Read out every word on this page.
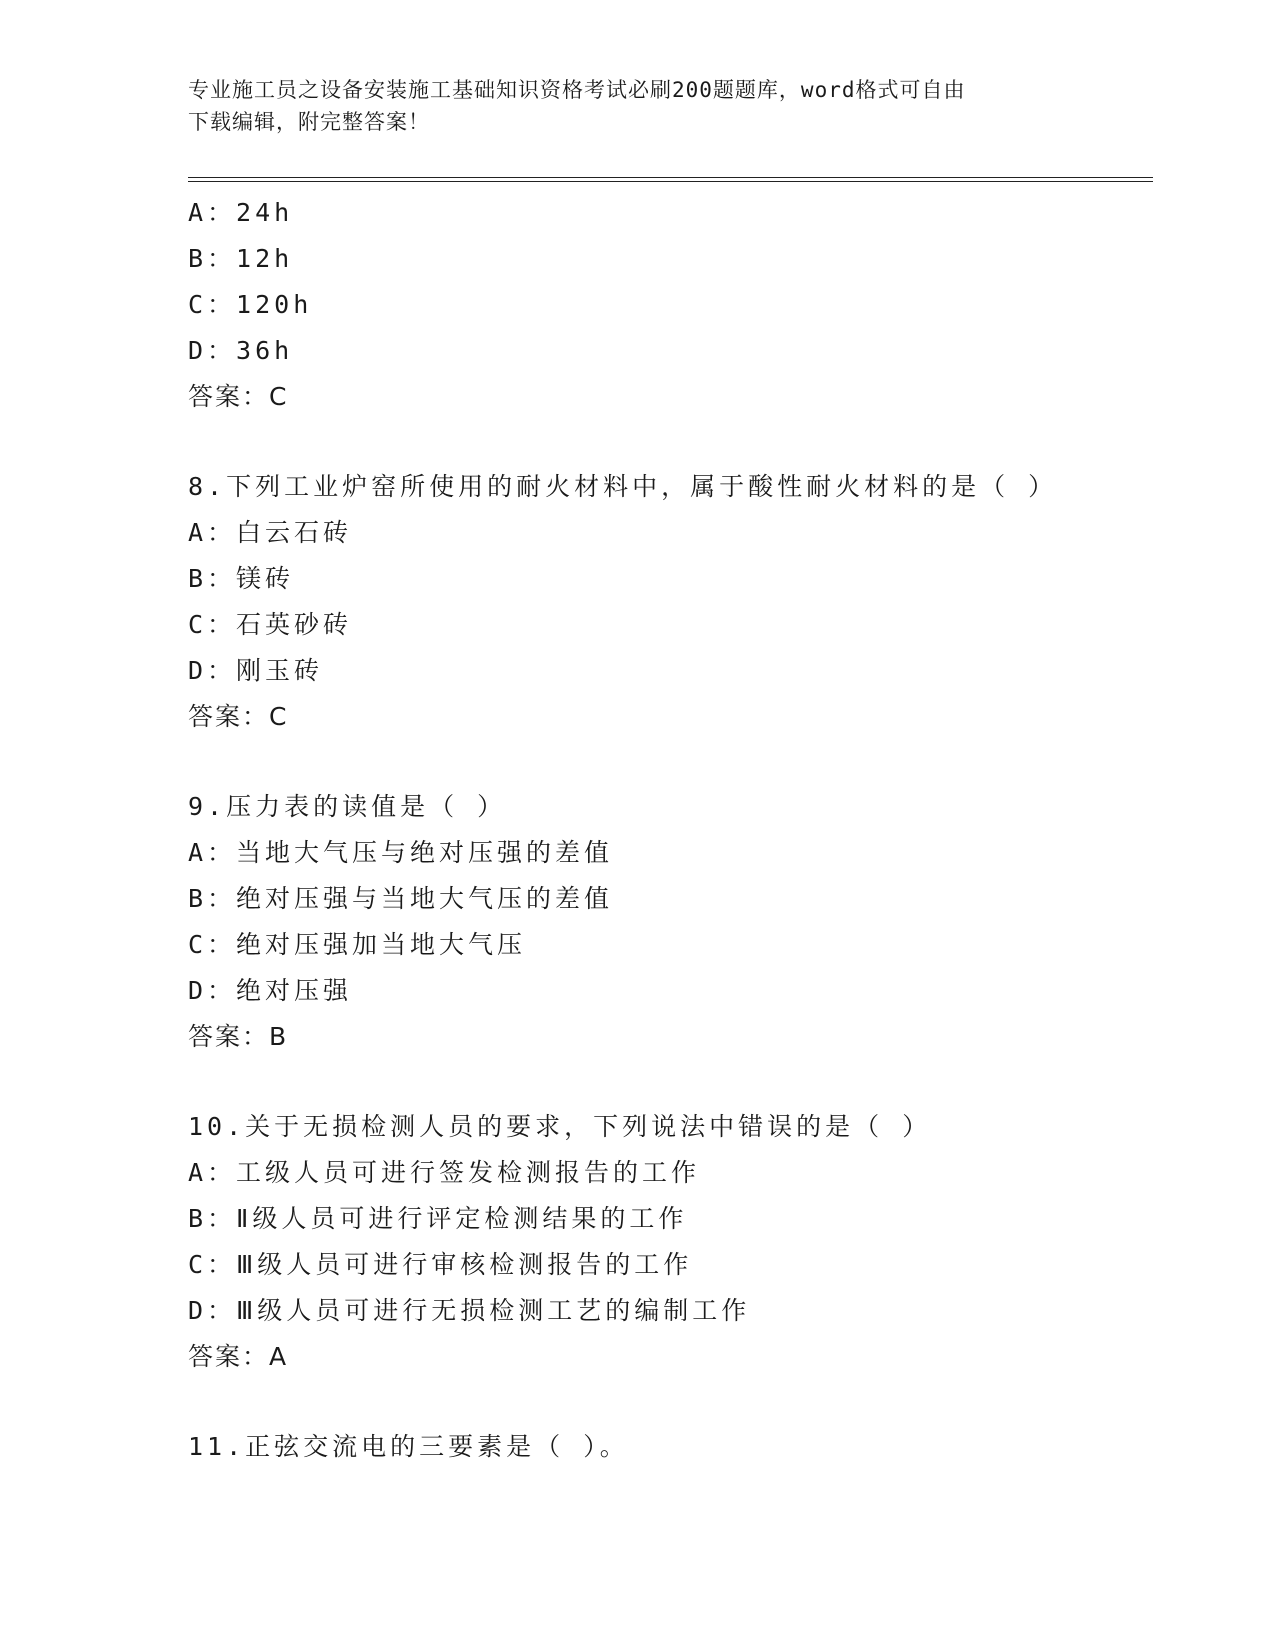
专业施工员之设备安装施工基础知识资格考试必刷200题题库，word格式可自由
下载编辑，附完整答案！
A：24h
B：12h
C：120h
D：36h
答案：C
8.下列工业炉窑所使用的耐火材料中，属于酸性耐火材料的是（ ）
A：白云石砖
B：镁砖
C：石英砂砖
D：刚玉砖
答案：C
9.压力表的读值是（ ）
A：当地大气压与绝对压强的差值
B：绝对压强与当地大气压的差值
C：绝对压强加当地大气压
D：绝对压强
答案：B
10.关于无损检测人员的要求，下列说法中错误的是（ ）
A：工级人员可进行签发检测报告的工作
B：Ⅱ级人员可进行评定检测结果的工作
C：Ⅲ级人员可进行审核检测报告的工作
D：Ⅲ级人员可进行无损检测工艺的编制工作
答案：A
11.正弦交流电的三要素是（ ）。
